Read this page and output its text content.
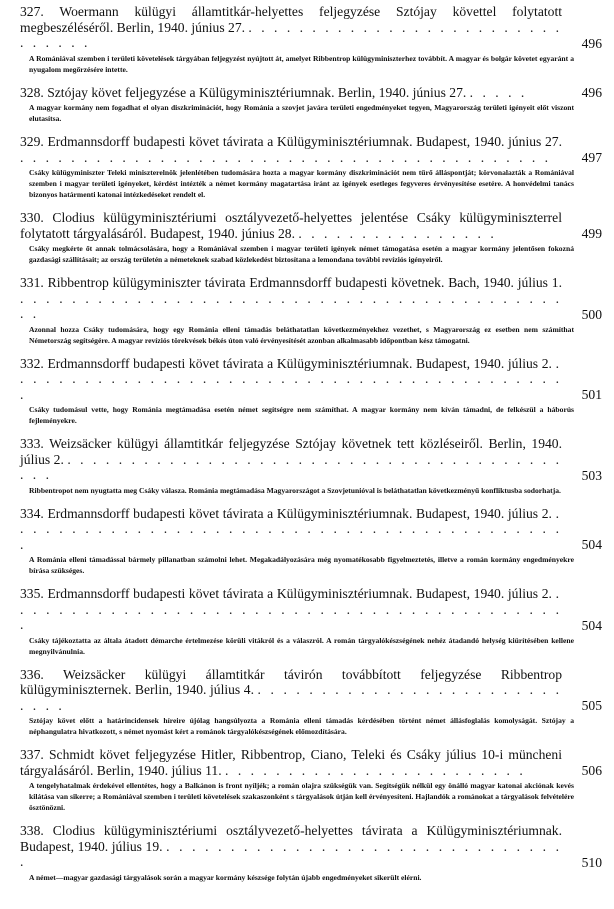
327. Woermann külügyi államtitkár-helyettes feljegyzése Sztójay követtel folytatott megbeszéléséről. Berlin, 1940. június 27. . . . . . . . . . . . . . . . . . . . . . . . . . . . . . . .	496
A Romániával szemben i területi követelések tárgyában feljegyzést nyújtott át, amelyet Ribbentrop külügyminiszterhez továbbít. A magyar és bolgár követet egyaránt a nyugalom megőrzésére intette.

328. Sztójay követ feljegyzése a Külügyminisztériumnak. Berlin, 1940. június 27. . . . . .	496
A magyar kormány nem fogadhat el olyan diszkriminációt, hogy Románia a szovjet javára területi engedményeket tegyen, Magyarország területi igényeit előt viszont elutasítsa.

329. Erdmannsdorff budapesti követ távirata a Külügyminisztériumnak. Budapest, 1940. június 27. . . . . . . . . . . . . . . . . . . . . . . . . . . . . . . . . . . . . . . . . . .	497
Csáky külügyminiszter Teleki miniszterelnök jelenlétében tudomására hozta a magyar kormány diszkriminációt nem tűrő álláspontját; körvonalazták a Romániával szemben i magyar területi igényeket, kérdést intézték a német kormány magatartása iránt az igények esetleges fegyveres érvényesítése esetére. A honvédelmi tanács bizonyos határmenti katonai intézkedéseket rendelt el.

330. Clodius külügyminisztériumi osztályvezető-helyettes jelentése Csáky külügyminiszterrel folytatott tárgyalásáról. Budapest, 1940. június 28. . . . . . . . . . . . . . . . .	499
Csáky megkérte őt annak tolmácsolására, hogy a Romániával szemben i magyar területi igények német támogatása esetén a magyar kormány jelentősen fokozná gazdasági szállításait; az ország területén a németeknek szabad közlekedést biztosítana a lemondana további revíziós igényeiről.

331. Ribbentrop külügyminiszter távirata Erdmannsdorff budapesti követnek. Bach, 1940. július 1. . . . . . . . . . . . . . . . . . . . . . . . . . . . . . . . . . . . . . . . . . . . .	500
Azonnal hozza Csáky tudomására, hogy egy Románia elleni támadás beláthatatlan következményekhez vezethet, s Magyarország ez esetben nem számíthat Németország segítségére. A magyar revíziós törekvések békés úton való érvényesítését azonban alkalmasabb időpontban kész támogatni.

332. Erdmannsdorff budapesti követ távirata a Külügyminisztériumnak. Budapest, 1940. július 2. . . . . . . . . . . . . . . . . . . . . . . . . . . . . . . . . . . . . . . . . . . . .	501
Csáky tudomásul vette, hogy Románia megtámadása esetén német segítségre nem számíthat. A magyar kormány nem kíván támadni, de felkészül a háborús fejleményekre.

333. Weizsäcker külügyi államtitkár feljegyzése Sztójay követnek tett közléseiről. Berlin, 1940. július 2. . . . . . . . . . . . . . . . . . . . . . . . . . . . . . . . . . . . . . . . . . .	503
Ribbentropot nem nyugtatta meg Csáky válasza. Románia megtámadása Magyarországot a Szovjetunióval is beláthatatlan következményű konfliktusba sodorhatja.

334. Erdmannsdorff budapesti követ távirata a Külügyminisztériumnak. Budapest, 1940. július 2. . . . . . . . . . . . . . . . . . . . . . . . . . . . . . . . . . . . . . . . . . . . .	504
A Románia elleni támadással bármely pillanatban számolni lehet. Megakadályozására még nyomatékosabb figyelmeztetés, illetve a román kormány engedményekre bírása szükséges.

335. Erdmannsdorff budapesti követ távirata a Külügyminisztériumnak. Budapest, 1940. július 2. . . . . . . . . . . . . . . . . . . . . . . . . . . . . . . . . . . . . . . . . . . . .	504
Csáky tájékoztatta az általa átadott démarche értelmezése körüli vitákról és a válaszról. A román tárgyalókészségének nehéz átadandó helység kiürítésében kellene megnyilvánulnia.

336. Weizsäcker külügyi államtitkár távirón továbbított feljegyzése Ribbentrop külügyminiszternek. Berlin, 1940. július 4. . . . . . . . . . . . . . . . . . . . . . . . . . . . .	505
Sztójay követ előtt a határincidensek híreire újólag hangsúlyozta a Románia elleni támadás kérdésében történt német állásfoglalás komolyságát. Sztójay a néphangulatra hivatkozott, s német nyomást kért a románok tárgyalókészségének előmozdítására.

337. Schmidt követ feljegyzése Hitler, Ribbentrop, Ciano, Teleki és Csáky július 10-i müncheni tárgyalásáról. Berlin, 1940. július 11. . . . . . . . . . . . . . . . . . . . . . . . .	506
A tengelyhatalmak érdekével ellentétes, hogy a Balkánon is front nyíljék; a román olajra szükségük van. Segítségük nélkül egy önálló magyar katonai akciónak kevés kilátása van sikerre; a Romániával szemben i területi követelések szakaszonként s tárgyalások útján kell érvényesíteni. Hajlandók a románokat a tárgyalások felvételére ösztönözni.

338. Clodius külügyminisztériumi osztályvezető-helyettes távirata a Külügyminisztériumnak. Budapest, 1940. július 19. . . . . . . . . . . . . . . . . . . . . . . . . . . . . . . . .	510
A német—magyar gazdasági tárgyalások során a magyar kormány készsége folytán újabb engedményeket sikerült elérni.
